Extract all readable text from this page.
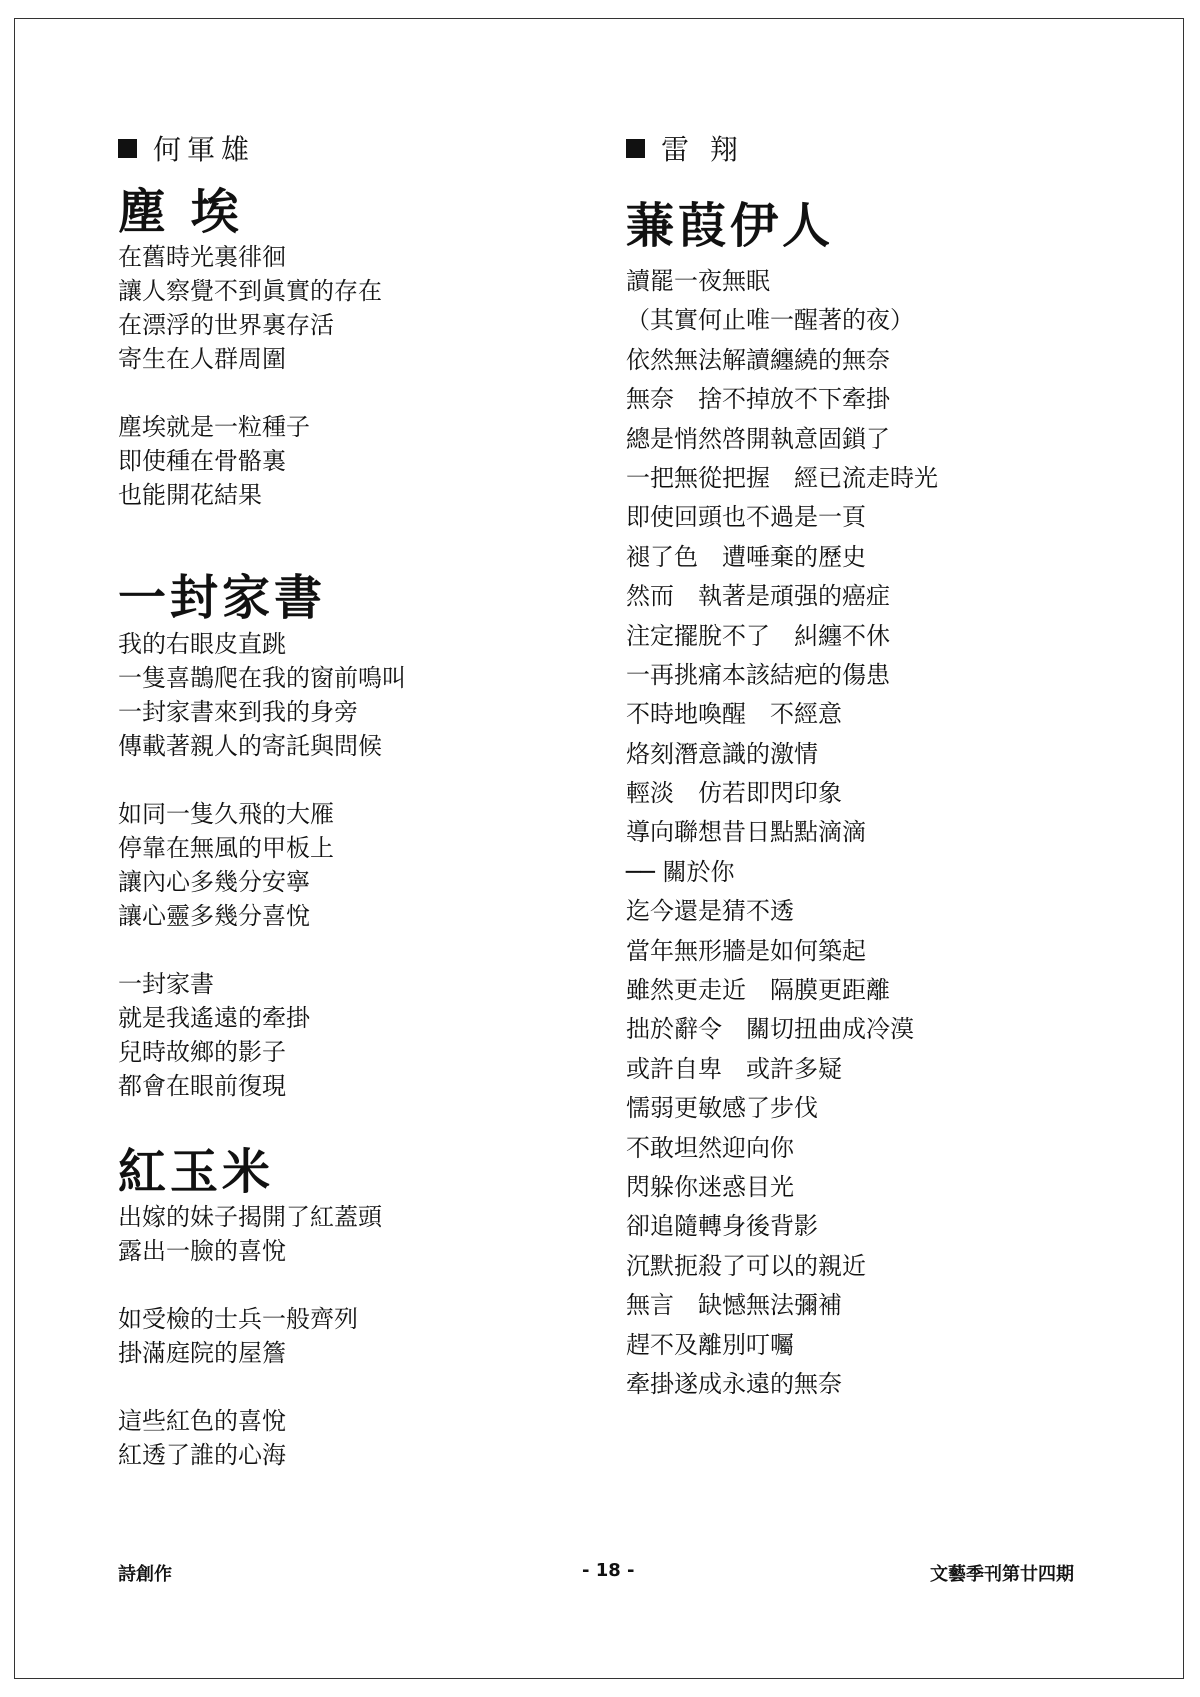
何軍雄
塵 埃
在舊時光裏徘徊
讓人察覺不到眞實的存在
在漂浮的世界裏存活
寄生在人群周圍
塵埃就是一粒種子
即使種在骨骼裏
也能開花結果
一封家書
我的右眼皮直跳
一隻喜鵲爬在我的窗前鳴叫
一封家書來到我的身旁
傳載著親人的寄託與問候
如同一隻久飛的大雁
停靠在無風的甲板上
讓內心多幾分安寧
讓心靈多幾分喜悅
一封家書
就是我遙遠的牽掛
兒時故鄉的影子
都會在眼前復現
紅玉米
出嫁的妹子揭開了紅蓋頭
露出一臉的喜悅
如受檢的士兵一般齊列
掛滿庭院的屋簷
這些紅色的喜悅
紅透了誰的心海
雷 翔
蒹葭伊人
讀罷一夜無眠
（其實何止唯一醒著的夜）
依然無法解讀纏繞的無奈
無奈　捨不掉放不下牽掛
總是悄然啓開執意固鎖了
一把無從把握　經已流走時光
即使回頭也不過是一頁
褪了色　遭唾棄的歷史
然而　執著是頑强的癌症
注定擺脫不了　糾纏不休
一再挑痛本該結疤的傷患
不時地喚醒　不經意
烙刻潛意識的激情
輕淡　仿若即閃印象
導向聯想昔日點點滴滴
── 關於你
迄今還是猜不透
當年無形牆是如何築起
雖然更走近　隔膜更距離
拙於辭令　關切扭曲成冷漠
或許自卑　或許多疑
懦弱更敏感了步伐
不敢坦然迎向你
閃躲你迷惑目光
卻追隨轉身後背影
沉默扼殺了可以的親近
無言　缺憾無法彌補
趕不及離別叮囑
牽掛遂成永遠的無奈
詩創作	- 18 -	文藝季刊第廿四期
